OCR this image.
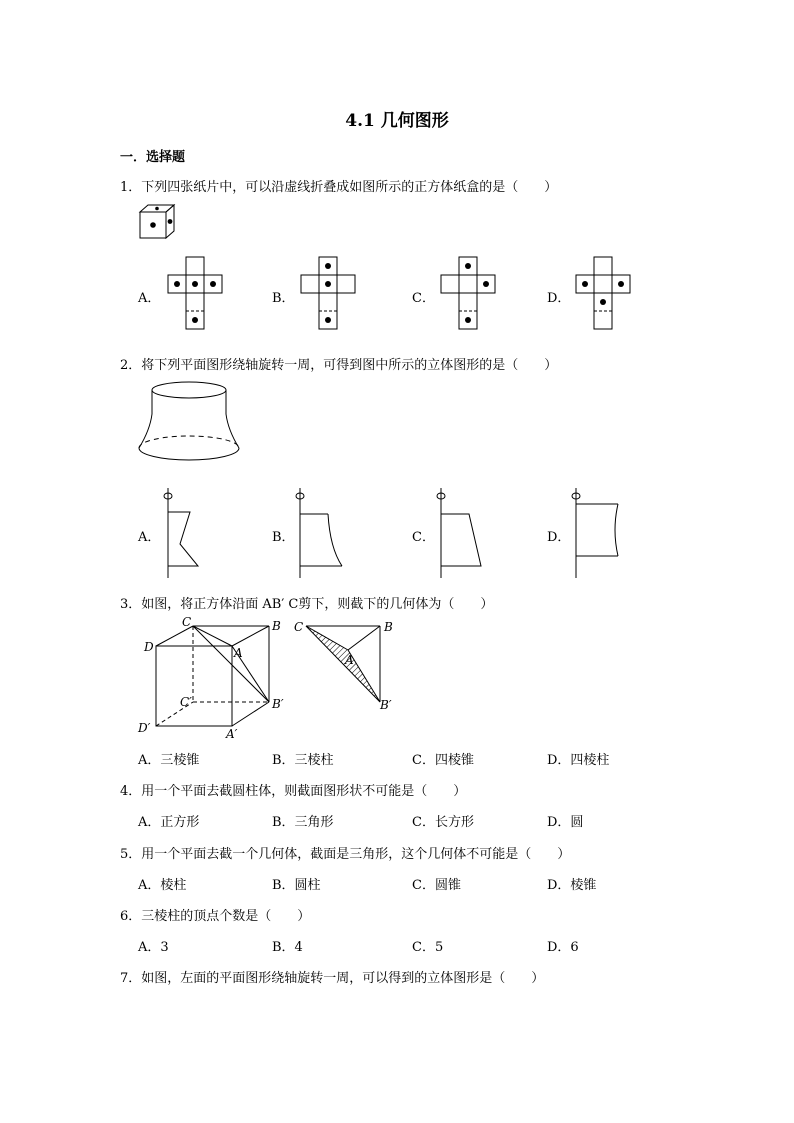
4.1 几何图形
一．选择题
1．下列四张纸片中，可以沿虚线折叠成如图所示的正方体纸盒的是（　　）
A．	B．	C．	D．
2．将下列平面图形绕轴旋转一周，可得到图中所示的立体图形的是（　　）
A．	B．	C．	D．
3．如图，将正方体沿面 AB′ C剪下，则截下的几何体为（　　）
C	B
D	A
C′	B′
D′	A′
C	B
A
B′
A．三棱锥	B．三棱柱	C．四棱锥	D．四棱柱
4．用一个平面去截圆柱体，则截面图形状不可能是（　　）
A．正方形	B．三角形	C．长方形	D．圆
5．用一个平面去截一个几何体，截面是三角形，这个几何体不可能是（　　）
A．棱柱	B．圆柱	C．圆锥	D．棱锥
6．三棱柱的顶点个数是（　　）
A．3	B．4	C．5	D．6
7．如图，左面的平面图形绕轴旋转一周，可以得到的立体图形是（　　）
